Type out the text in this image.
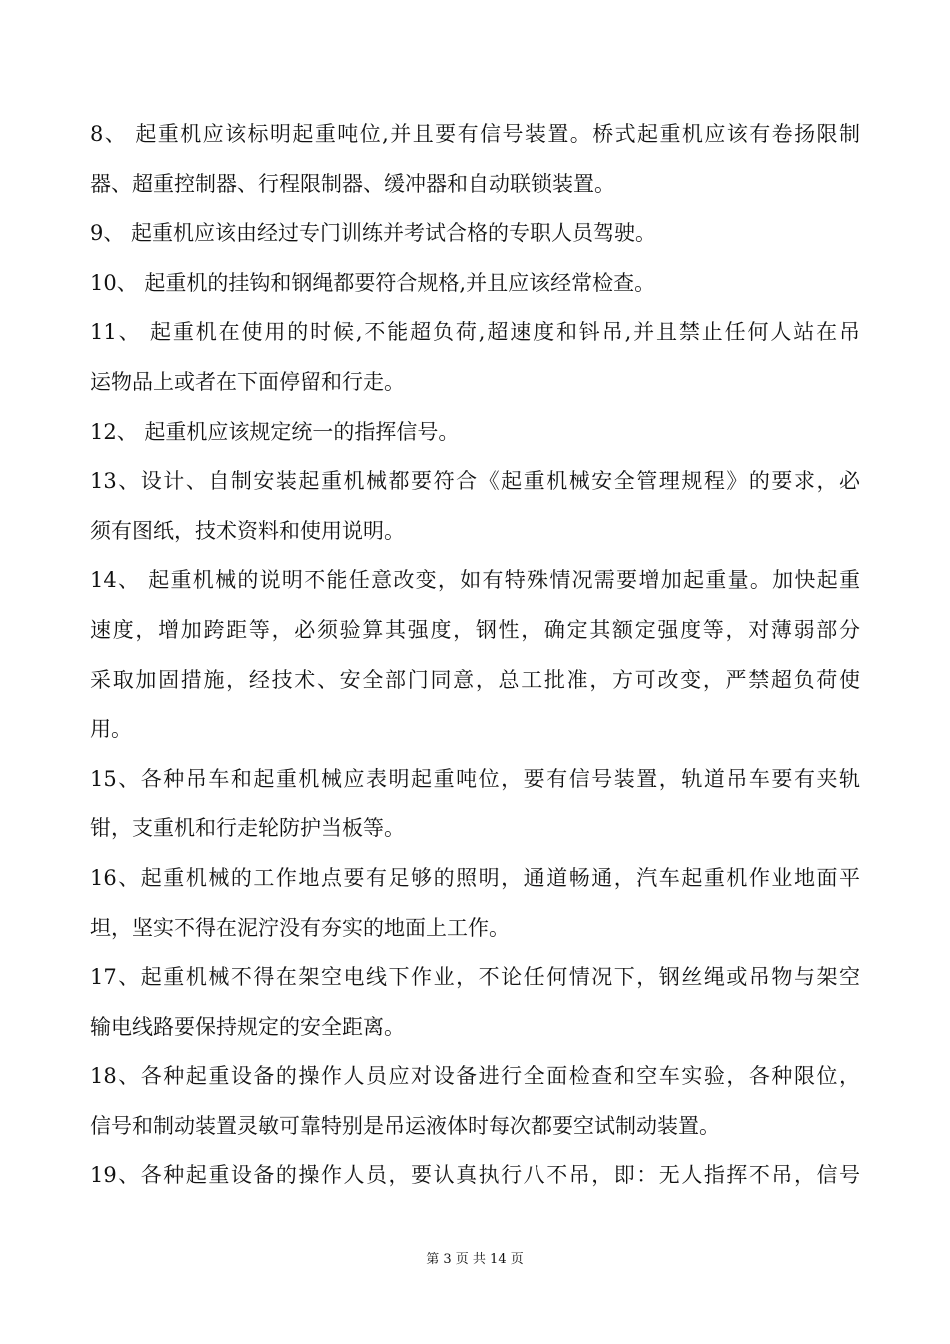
8、 起重机应该标明起重吨位,并且要有信号装置。桥式起重机应该有卷扬限制
器、超重控制器、行程限制器、缓冲器和自动联锁装置。
9、 起重机应该由经过专门训练并考试合格的专职人员驾驶。
10、 起重机的挂钩和钢绳都要符合规格,并且应该经常检查。
11、 起重机在使用的时候,不能超负荷,超速度和钭吊,并且禁止任何人站在吊
运物品上或者在下面停留和行走。
12、 起重机应该规定统一的指挥信号。
13、设计、自制安装起重机械都要符合《起重机械安全管理规程》的要求，必
须有图纸，技术资料和使用说明。
14、 起重机械的说明不能任意改变，如有特殊情况需要增加起重量。加快起重
速度，增加跨距等，必须验算其强度，钢性，确定其额定强度等，对薄弱部分
采取加固措施，经技术、安全部门同意，总工批准，方可改变，严禁超负荷使
用。
15、各种吊车和起重机械应表明起重吨位，要有信号装置，轨道吊车要有夹轨
钳，支重机和行走轮防护当板等。
16、起重机械的工作地点要有足够的照明，通道畅通，汽车起重机作业地面平
坦，坚实不得在泥泞没有夯实的地面上工作。
17、起重机械不得在架空电线下作业，不论任何情况下，钢丝绳或吊物与架空
输电线路要保持规定的安全距离。
18、各种起重设备的操作人员应对设备进行全面检查和空车实验，各种限位，
信号和制动装置灵敏可靠特别是吊运液体时每次都要空试制动装置。
19、各种起重设备的操作人员，要认真执行八不吊，即：无人指挥不吊，信号
第 3 页 共 14 页
